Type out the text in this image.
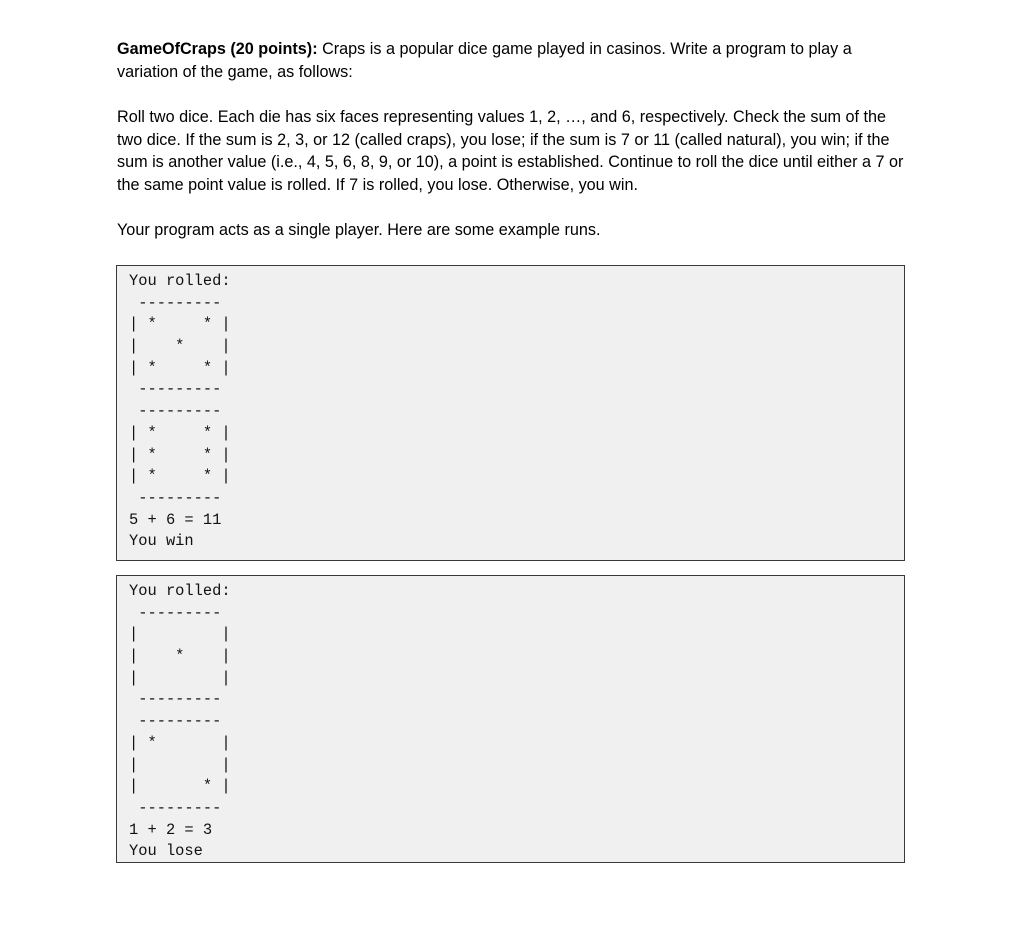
GameOfCraps (20 points): Craps is a popular dice game played in casinos. Write a program to play a variation of the game, as follows:

Roll two dice. Each die has six faces representing values 1, 2, …, and 6, respectively. Check the sum of the two dice. If the sum is 2, 3, or 12 (called craps), you lose; if the sum is 7 or 11 (called natural), you win; if the sum is another value (i.e., 4, 5, 6, 8, 9, or 10), a point is established. Continue to roll the dice until either a 7 or the same point value is rolled. If 7 is rolled, you lose. Otherwise, you win.

Your program acts as a single player. Here are some example runs.

You rolled:
---------
| *     * |
|    *    |
| *     * |
---------
---------
| *     * |
| *     * |
| *     * |
---------
5 + 6 = 11
You win
You rolled:
---------
|         |
|    *    |
|         |
---------
---------
| *       |
|         |
|       * |
---------
1 + 2 = 3
You lose
